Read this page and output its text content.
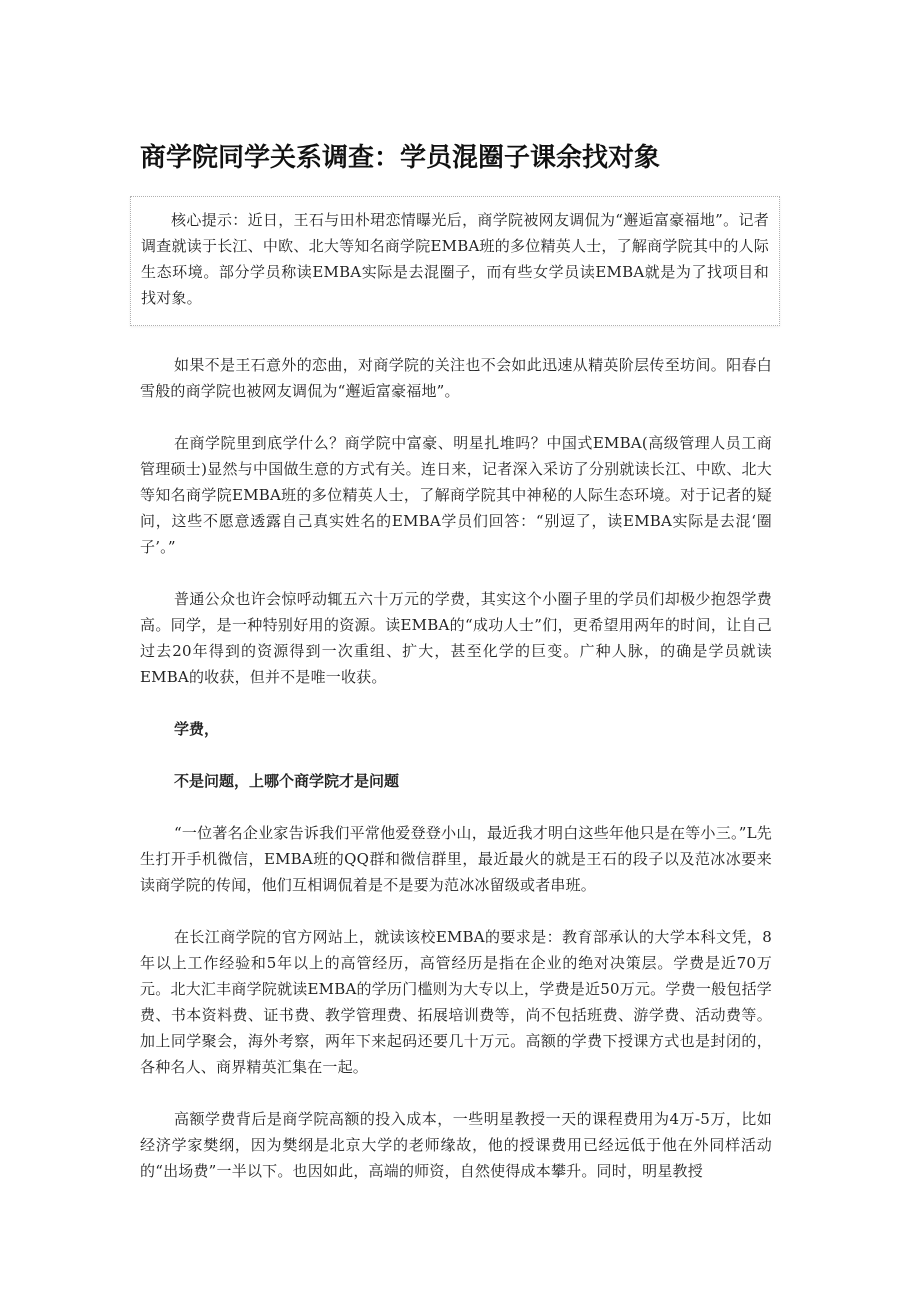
商学院同学关系调查：学员混圈子课余找对象

核心提示：近日，王石与田朴珺恋情曝光后，商学院被网友调侃为“邂逅富豪福地”。记者调查就读于长江、中欧、北大等知名商学院EMBA班的多位精英人士，了解商学院其中的人际生态环境。部分学员称读EMBA实际是去混圈子，而有些女学员读EMBA就是为了找项目和找对象。

如果不是王石意外的恋曲，对商学院的关注也不会如此迅速从精英阶层传至坊间。阳春白雪般的商学院也被网友调侃为“邂逅富豪福地”。

在商学院里到底学什么？商学院中富豪、明星扎堆吗？中国式EMBA(高级管理人员工商管理硕士)显然与中国做生意的方式有关。连日来，记者深入采访了分别就读长江、中欧、北大等知名商学院EMBA班的多位精英人士，了解商学院其中神秘的人际生态环境。对于记者的疑问，这些不愿意透露自己真实姓名的EMBA学员们回答：“别逗了，读EMBA实际是去混‘圈子’。”

普通公众也许会惊呼动辄五六十万元的学费，其实这个小圈子里的学员们却极少抱怨学费高。同学，是一种特别好用的资源。读EMBA的“成功人士”们，更希望用两年的时间，让自己过去20年得到的资源得到一次重组、扩大，甚至化学的巨变。广种人脉，的确是学员就读EMBA的收获，但并不是唯一收获。

学费，

不是问题，上哪个商学院才是问题

“一位著名企业家告诉我们平常他爱登登小山，最近我才明白这些年他只是在等小三。”L先生打开手机微信，EMBA班的QQ群和微信群里，最近最火的就是王石的段子以及范冰冰要来读商学院的传闻，他们互相调侃着是不是要为范冰冰留级或者串班。

在长江商学院的官方网站上，就读该校EMBA的要求是：教育部承认的大学本科文凭，8年以上工作经验和5年以上的高管经历，高管经历是指在企业的绝对决策层。学费是近70万元。北大汇丰商学院就读EMBA的学历门槛则为大专以上，学费是近50万元。学费一般包括学费、书本资料费、证书费、教学管理费、拓展培训费等，尚不包括班费、游学费、活动费等。加上同学聚会，海外考察，两年下来起码还要几十万元。高额的学费下授课方式也是封闭的，各种名人、商界精英汇集在一起。

高额学费背后是商学院高额的投入成本，一些明星教授一天的课程费用为4万-5万，比如经济学家樊纲，因为樊纲是北京大学的老师缘故，他的授课费用已经远低于他在外同样活动的“出场费”一半以下。也因如此，高端的师资，自然使得成本攀升。同时，明星教授
